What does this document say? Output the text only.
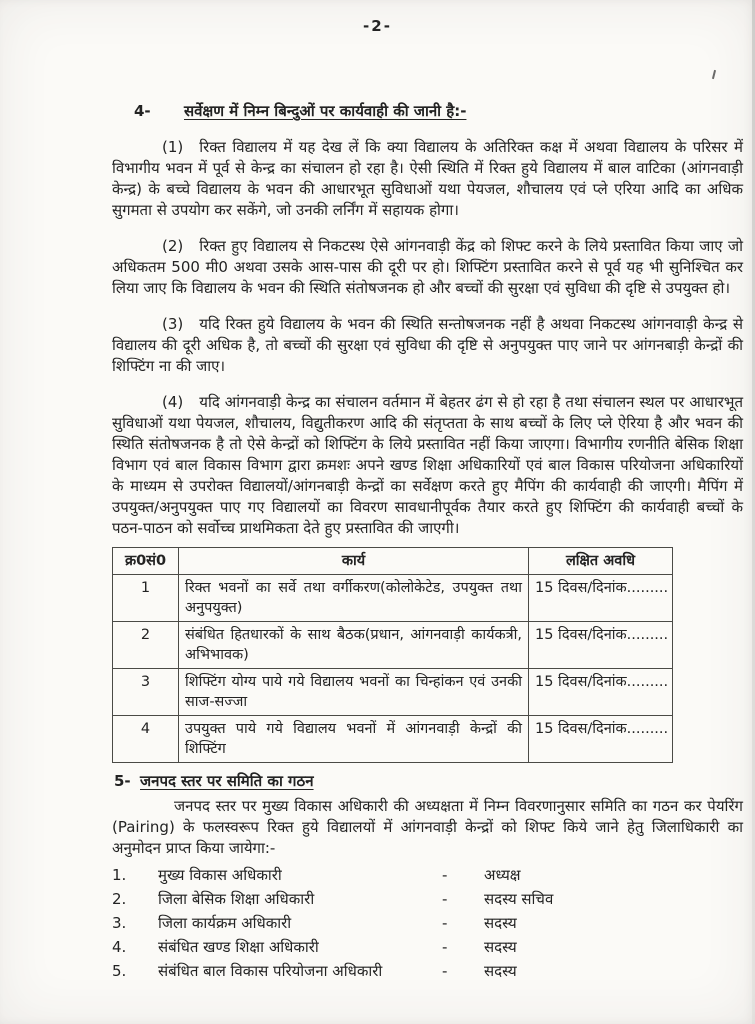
-2-
4-	सर्वेक्षण में निम्न बिन्दुओं पर कार्यवाही की जानी है:-

(1) रिक्त विद्यालय में यह देख लें कि क्या विद्यालय के अतिरिक्त कक्ष में अथवा विद्यालय के परिसर में विभागीय भवन में पूर्व से केन्द्र का संचालन हो रहा है। ऐसी स्थिति में रिक्त हुये विद्यालय में बाल वाटिका (आंगनवाड़ी केन्द्र) के बच्चे विद्यालय के भवन की आधारभूत सुविधाओं यथा पेयजल, शौचालय एवं प्ले एरिया आदि का अधिक सुगमता से उपयोग कर सकेंगे, जो उनकी लर्निंग में सहायक होगा।

(2) रिक्त हुए विद्यालय से निकटस्थ ऐसे आंगनवाड़ी केंद्र को शिफ्ट करने के लिये प्रस्तावित किया जाए जो अधिकतम 500 मी0 अथवा उसके आस-पास की दूरी पर हो। शिफ्टिंग प्रस्तावित करने से पूर्व यह भी सुनिश्चित कर लिया जाए कि विद्यालय के भवन की स्थिति संतोषजनक हो और बच्चों की सुरक्षा एवं सुविधा की दृष्टि से उपयुक्त हो।

(3) यदि रिक्त हुये विद्यालय के भवन की स्थिति सन्तोषजनक नहीं है अथवा निकटस्थ आंगनवाड़ी केन्द्र से विद्यालय की दूरी अधिक है, तो बच्चों की सुरक्षा एवं सुविधा की दृष्टि से अनुपयुक्त पाए जाने पर आंगनबाड़ी केन्द्रों की शिफ्टिंग ना की जाए।

(4) यदि आंगनवाड़ी केन्द्र का संचालन वर्तमान में बेहतर ढंग से हो रहा है तथा संचालन स्थल पर आधारभूत सुविधाओं यथा पेयजल, शौचालय, विद्युतीकरण आदि की संतृप्तता के साथ बच्चों के लिए प्ले ऐरिया है और भवन की स्थिति संतोषजनक है तो ऐसे केन्द्रों को शिफ्टिंग के लिये प्रस्तावित नहीं किया जाएगा। विभागीय रणनीति बेसिक शिक्षा विभाग एवं बाल विकास विभाग द्वारा क्रमशः अपने खण्ड शिक्षा अधिकारियों एवं बाल विकास परियोजना अधिकारियों के माध्यम से उपरोक्त विद्यालयों/आंगनबाड़ी केन्द्रों का सर्वेक्षण करते हुए मैपिंग की कार्यवाही की जाएगी। मैपिंग में उपयुक्त/अनुपयुक्त पाए गए विद्यालयों का विवरण सावधानीपूर्वक तैयार करते हुए शिफ्टिंग की कार्यवाही बच्चों के पठन-पाठन को सर्वोच्च प्राथमिकता देते हुए प्रस्तावित की जाएगी।

क्र0सं0	कार्य	लक्षित अवधि
1	रिक्त भवनों का सर्वे तथा वर्गीकरण(कोलोकेटेड, उपयुक्त तथा अनुपयुक्त)	15 दिवस/दिनांक.........
2	संबंधित हितधारकों के साथ बैठक(प्रधान, आंगनवाड़ी कार्यकत्री, अभिभावक)	15 दिवस/दिनांक.........
3	शिफ्टिंग योग्य पाये गये विद्यालय भवनों का चिन्हांकन एवं उनकी साज-सज्जा	15 दिवस/दिनांक.........
4	उपयुक्त पाये गये विद्यालय भवनों में आंगनवाड़ी केन्द्रों की शिफ्टिंग	15 दिवस/दिनांक.........
5- जनपद स्तर पर समिति का गठन

जनपद स्तर पर मुख्य विकास अधिकारी की अध्यक्षता में निम्न विवरणानुसार समिति का गठन कर पेयरिंग (Pairing) के फलस्वरूप रिक्त हुये विद्यालयों में आंगनवाड़ी केन्द्रों को शिफ्ट किये जाने हेतु जिलाधिकारी का अनुमोदन प्राप्त किया जायेगा:-

1.	मुख्य विकास अधिकारी	-	अध्यक्ष
2.	जिला बेसिक शिक्षा अधिकारी	-	सदस्य सचिव
3.	जिला कार्यक्रम अधिकारी	-	सदस्य
4.	संबंधित खण्ड शिक्षा अधिकारी	-	सदस्य
5.	संबंधित बाल विकास परियोजना अधिकारी	-	सदस्य
